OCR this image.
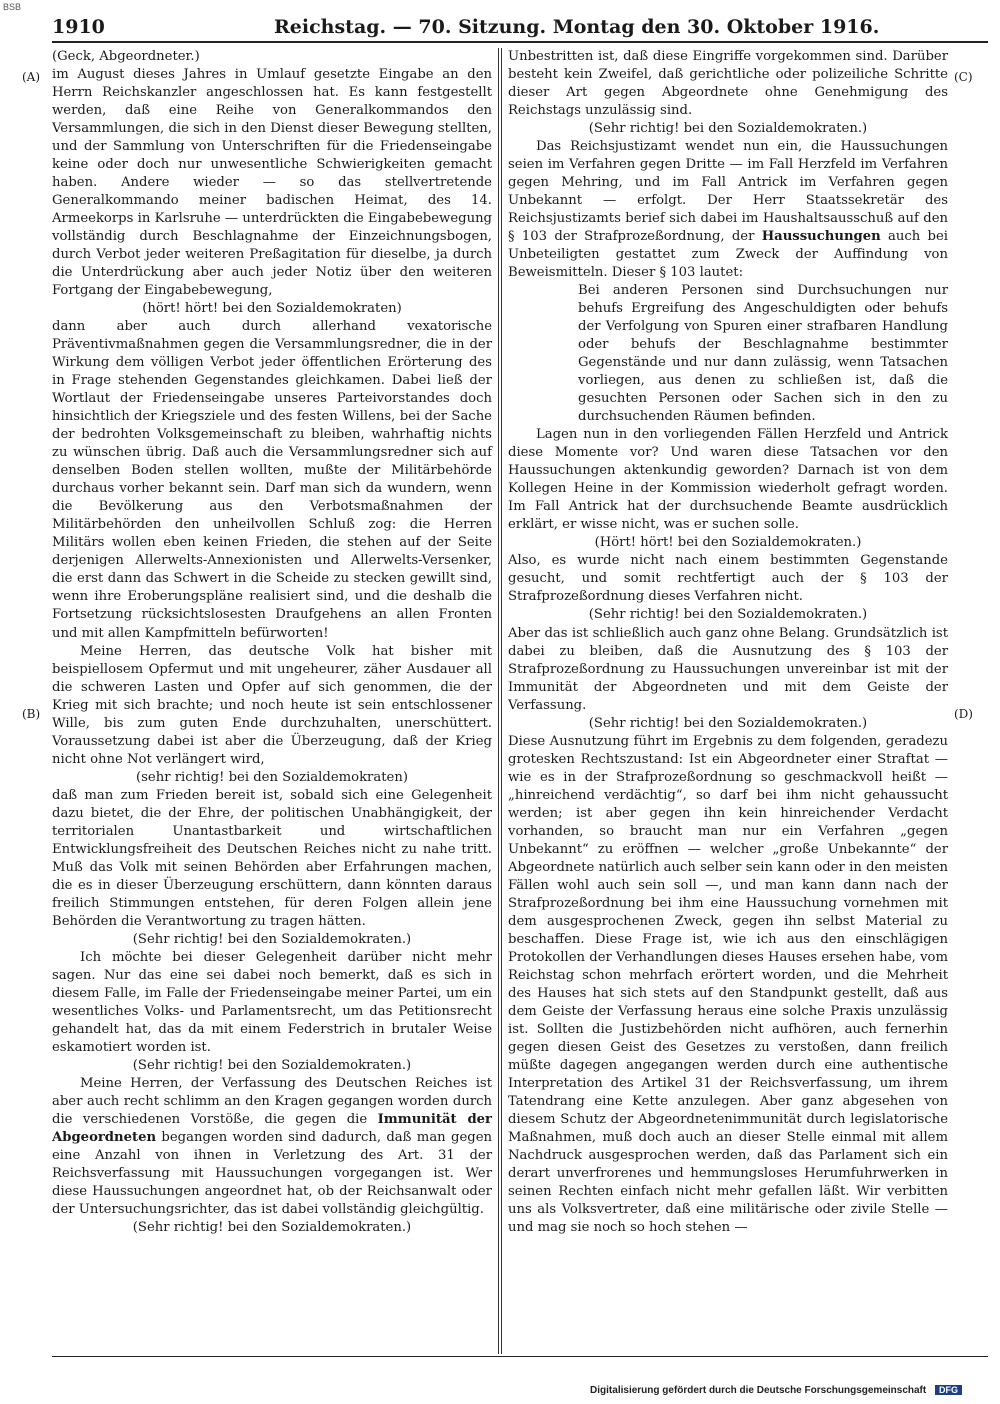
BSB
1910	Reichstag. — 70. Sitzung. Montag den 30. Oktober 1916.
(A)
(B)
(C)
(D)

(Geck, Abgeordneter.)

im August dieses Jahres in Umlauf gesetzte Eingabe an den Herrn Reichskanzler angeschlossen hat. Es kann festgestellt werden, daß eine Reihe von Generalkommandos den Versammlungen, die sich in den Dienst dieser Bewegung stellten, und der Sammlung von Unterschriften für die Friedenseingabe keine oder doch nur unwesentliche Schwierigkeiten gemacht haben. Andere wieder — so das stellvertretende Generalkommando meiner badischen Heimat, des 14. Armeekorps in Karlsruhe — unterdrückten die Eingabebewegung vollständig durch Beschlagnahme der Einzeichnungsbogen, durch Verbot jeder weiteren Preßagitation für dieselbe, ja durch die Unterdrückung aber auch jeder Notiz über den weiteren Fortgang der Eingabebewegung,

(hört! hört! bei den Sozialdemokraten)

dann aber auch durch allerhand vexatorische Präventivmaßnahmen gegen die Versammlungsredner, die in der Wirkung dem völligen Verbot jeder öffentlichen Erörterung des in Frage stehenden Gegenstandes gleichkamen. Dabei ließ der Wortlaut der Friedenseingabe unseres Parteivorstandes doch hinsichtlich der Kriegsziele und des festen Willens, bei der Sache der bedrohten Volksgemeinschaft zu bleiben, wahrhaftig nichts zu wünschen übrig. Daß auch die Versammlungsredner sich auf denselben Boden stellen wollten, mußte der Militärbehörde durchaus vorher bekannt sein. Darf man sich da wundern, wenn die Bevölkerung aus den Verbotsmaßnahmen der Militärbehörden den unheilvollen Schluß zog: die Herren Militärs wollen eben keinen Frieden, die stehen auf der Seite derjenigen Allerwelts-Annexionisten und Allerwelts-Versenker, die erst dann das Schwert in die Scheide zu stecken gewillt sind, wenn ihre Eroberungspläne realisiert sind, und die deshalb die Fortsetzung rücksichtslosesten Draufgehens an allen Fronten und mit allen Kampfmitteln befürworten!

Meine Herren, das deutsche Volk hat bisher mit beispiellosem Opfermut und mit ungeheurer, zäher Ausdauer all die schweren Lasten und Opfer auf sich genommen, die der Krieg mit sich brachte; und noch heute ist sein entschlossener Wille, bis zum guten Ende durchzuhalten, unerschüttert. Voraussetzung dabei ist aber die Überzeugung, daß der Krieg nicht ohne Not verlängert wird,

(sehr richtig! bei den Sozialdemokraten)

daß man zum Frieden bereit ist, sobald sich eine Gelegenheit dazu bietet, die der Ehre, der politischen Unabhängigkeit, der territorialen Unantastbarkeit und wirtschaftlichen Entwicklungsfreiheit des Deutschen Reiches nicht zu nahe tritt. Muß das Volk mit seinen Behörden aber Erfahrungen machen, die es in dieser Überzeugung erschüttern, dann könnten daraus freilich Stimmungen entstehen, für deren Folgen allein jene Behörden die Verantwortung zu tragen hätten.

(Sehr richtig! bei den Sozialdemokraten.)

Ich möchte bei dieser Gelegenheit darüber nicht mehr sagen. Nur das eine sei dabei noch bemerkt, daß es sich in diesem Falle, im Falle der Friedenseingabe meiner Partei, um ein wesentliches Volks- und Parlamentsrecht, um das Petitionsrecht gehandelt hat, das da mit einem Federstrich in brutaler Weise eskamotiert worden ist.

(Sehr richtig! bei den Sozialdemokraten.)

Meine Herren, der Verfassung des Deutschen Reiches ist aber auch recht schlimm an den Kragen gegangen worden durch die verschiedenen Vorstöße, die gegen die Immunität der Abgeordneten begangen worden sind dadurch, daß man gegen eine Anzahl von ihnen in Verletzung des Art. 31 der Reichsverfassung mit Haussuchungen vorgegangen ist. Wer diese Haussuchungen angeordnet hat, ob der Reichsanwalt oder der Untersuchungsrichter, das ist dabei vollständig gleichgültig.

(Sehr richtig! bei den Sozialdemokraten.)

Unbestritten ist, daß diese Eingriffe vorgekommen sind. Darüber besteht kein Zweifel, daß gerichtliche oder polizeiliche Schritte dieser Art gegen Abgeordnete ohne Genehmigung des Reichstags unzulässig sind.

(Sehr richtig! bei den Sozialdemokraten.)

Das Reichsjustizamt wendet nun ein, die Haussuchungen seien im Verfahren gegen Dritte — im Fall Herzfeld im Verfahren gegen Mehring, und im Fall Antrick im Verfahren gegen Unbekannt — erfolgt. Der Herr Staatssekretär des Reichsjustizamts berief sich dabei im Haushaltsausschuß auf den § 103 der Strafprozeßordnung, der Haussuchungen auch bei Unbeteiligten gestattet zum Zweck der Auffindung von Beweismitteln. Dieser § 103 lautet:

Bei anderen Personen sind Durchsuchungen nur behufs Ergreifung des Angeschuldigten oder behufs der Verfolgung von Spuren einer strafbaren Handlung oder behufs der Beschlagnahme bestimmter Gegenstände und nur dann zulässig, wenn Tatsachen vorliegen, aus denen zu schließen ist, daß die gesuchten Personen oder Sachen sich in den zu durchsuchenden Räumen befinden.

Lagen nun in den vorliegenden Fällen Herzfeld und Antrick diese Momente vor? Und waren diese Tatsachen vor den Haussuchungen aktenkundig geworden? Darnach ist von dem Kollegen Heine in der Kommission wiederholt gefragt worden. Im Fall Antrick hat der durchsuchende Beamte ausdrücklich erklärt, er wisse nicht, was er suchen solle.

(Hört! hört! bei den Sozialdemokraten.)

Also, es wurde nicht nach einem bestimmten Gegenstande gesucht, und somit rechtfertigt auch der § 103 der Strafprozeßordnung dieses Verfahren nicht.

(Sehr richtig! bei den Sozialdemokraten.)

Aber das ist schließlich auch ganz ohne Belang. Grundsätzlich ist dabei zu bleiben, daß die Ausnutzung des § 103 der Strafprozeßordnung zu Haussuchungen unvereinbar ist mit der Immunität der Abgeordneten und mit dem Geiste der Verfassung.

(Sehr richtig! bei den Sozialdemokraten.)

Diese Ausnutzung führt im Ergebnis zu dem folgenden, geradezu grotesken Rechtszustand: Ist ein Abgeordneter einer Straftat — wie es in der Strafprozeßordnung so geschmackvoll heißt — „hinreichend verdächtig“, so darf bei ihm nicht gehaussucht werden; ist aber gegen ihn kein hinreichender Verdacht vorhanden, so braucht man nur ein Verfahren „gegen Unbekannt“ zu eröffnen — welcher „große Unbekannte“ der Abgeordnete natürlich auch selber sein kann oder in den meisten Fällen wohl auch sein soll —, und man kann dann nach der Strafprozeßordnung bei ihm eine Haussuchung vornehmen mit dem ausgesprochenen Zweck, gegen ihn selbst Material zu beschaffen. Diese Frage ist, wie ich aus den einschlägigen Protokollen der Verhandlungen dieses Hauses ersehen habe, vom Reichstag schon mehrfach erörtert worden, und die Mehrheit des Hauses hat sich stets auf den Standpunkt gestellt, daß aus dem Geiste der Verfassung heraus eine solche Praxis unzulässig ist. Sollten die Justizbehörden nicht aufhören, auch fernerhin gegen diesen Geist des Gesetzes zu verstoßen, dann freilich müßte dagegen angegangen werden durch eine authentische Interpretation des Artikel 31 der Reichsverfassung, um ihrem Tatendrang eine Kette anzulegen. Aber ganz abgesehen von diesem Schutz der Abgeordnetenimmunität durch legislatorische Maßnahmen, muß doch auch an dieser Stelle einmal mit allem Nachdruck ausgesprochen werden, daß das Parlament sich ein derart unverfrorenes und hemmungsloses Herumfuhrwerken in seinen Rechten einfach nicht mehr gefallen läßt. Wir verbitten uns als Volksvertreter, daß eine militärische oder zivile Stelle — und mag sie noch so hoch stehen —

Digitalisierung gefördert durch die Deutsche Forschungsgemeinschaft DFG
